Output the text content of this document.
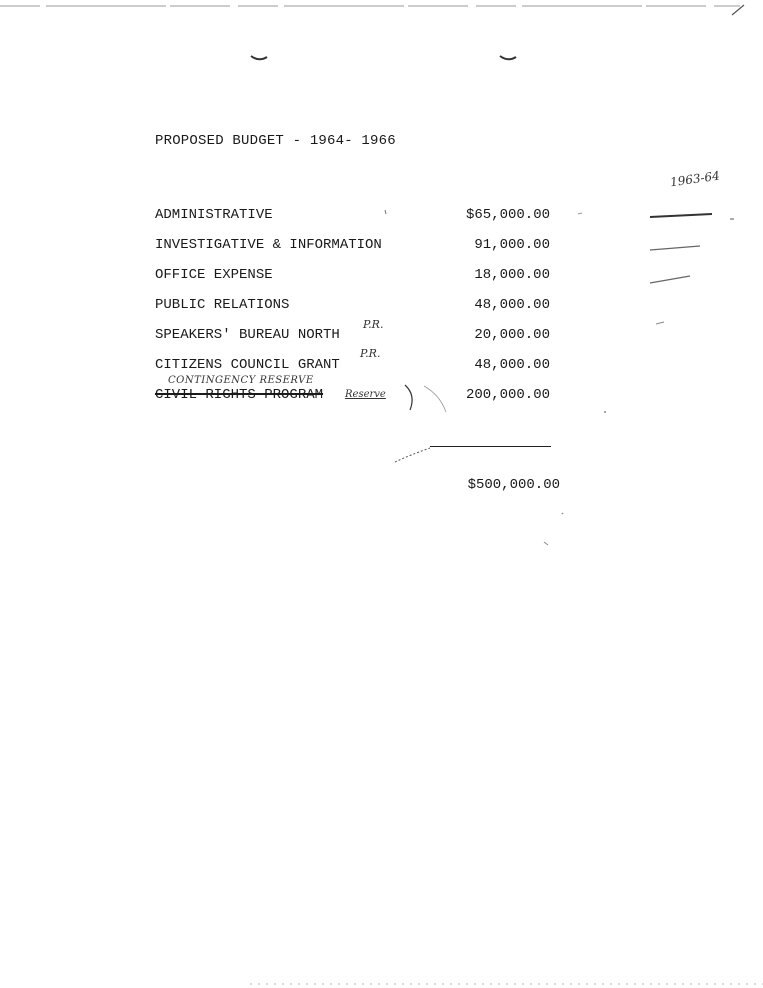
PROPOSED BUDGET - 1964- 1966
1963-64
ADMINISTRATIVE	$65,000.00
INVESTIGATIVE & INFORMATION	91,000.00
OFFICE EXPENSE	18,000.00
PUBLIC RELATIONS	48,000.00
SPEAKERS' BUREAU NORTH	20,000.00
P.R.
CITIZENS COUNCIL GRANT	48,000.00
P.R.
CONTINGENCY RESERVE
CIVIL RIGHTS PROGRAM	200,000.00
Reserve
$500,000.00
